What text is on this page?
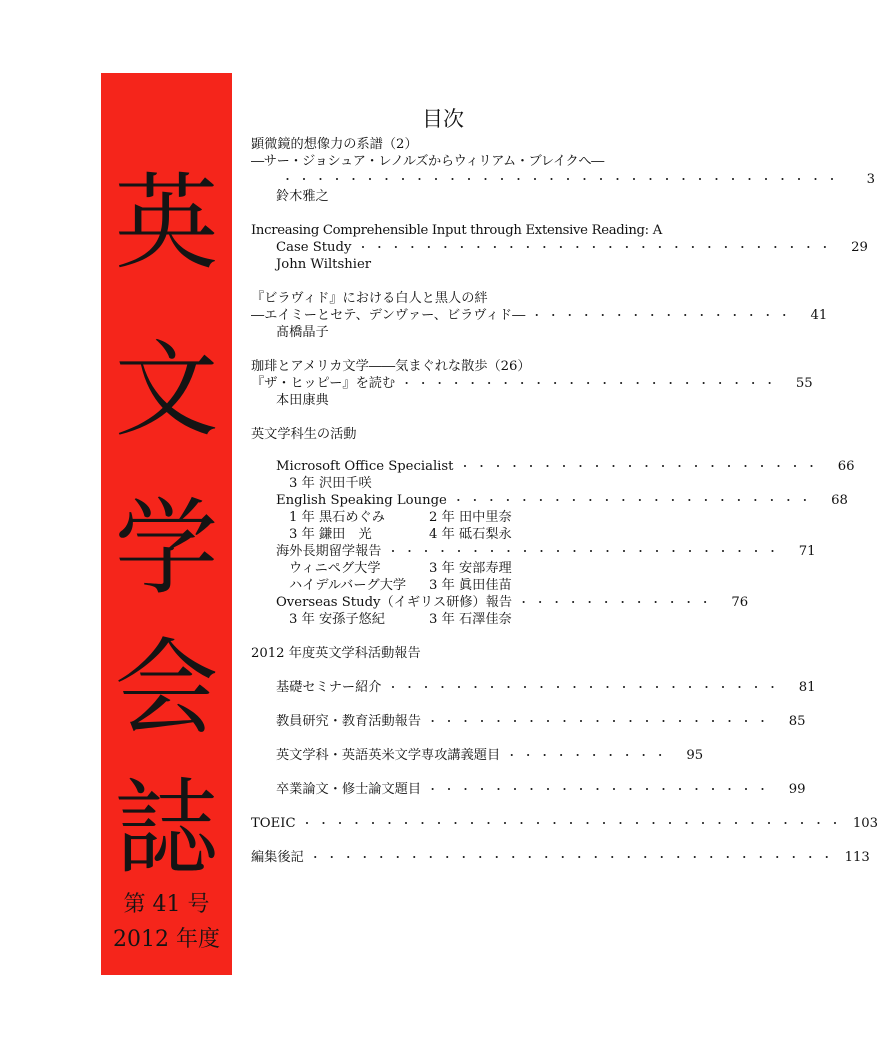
英
文
学
会
誌
第 41 号
2012 年度
目次
顕微鏡的想像力の系譜（2）
―サー・ジョシュア・レノルズからウィリアム・ブレイクへ―
・・・・・・・・・・・・・・・・・・・・・・・・・・・・・・・・・・	3
鈴木雅之
Increasing Comprehensible Input through Extensive Reading: A
Case Study ・・・・・・・・・・・・・・・・・・・・・・・・・・・・・	29
John Wiltshier
『ビラヴィド』における白人と黒人の絆
―エイミーとセテ、デンヴァー、ビラヴィド― ・・・・・・・・・・・・・・・・	41
髙橋晶子
珈琲とアメリカ文学――気まぐれな散歩（26）
『ザ・ヒッピー』を読む ・・・・・・・・・・・・・・・・・・・・・・・	55
本田康典
英文学科生の活動
Microsoft Office Specialist ・・・・・・・・・・・・・・・・・・・・・・	66
3 年 沢田千咲
English Speaking Lounge ・・・・・・・・・・・・・・・・・・・・・・	68
1 年 黒石めぐみ	2 年 田中里奈
3 年 鎌田　光	4 年 砥石梨永
海外長期留学報告 ・・・・・・・・・・・・・・・・・・・・・・・・	71
ウィニペグ大学	3 年 安部寿理
ハイデルバーグ大学 3 年 眞田佳苗
Overseas Study（イギリス研修）報告 ・・・・・・・・・・・・	76
3 年 安孫子悠紀	3 年 石澤佳奈
2012 年度英文学科活動報告
基礎セミナー紹介 ・・・・・・・・・・・・・・・・・・・・・・・・	81
教員研究・教育活動報告 ・・・・・・・・・・・・・・・・・・・・・	85
英文学科・英語英米文学専攻講義題目 ・・・・・・・・・・	95
卒業論文・修士論文題目 ・・・・・・・・・・・・・・・・・・・・・	99
TOEIC ・・・・・・・・・・・・・・・・・・・・・・・・・・・・・・・・・ 103
編集後記 ・・・・・・・・・・・・・・・・・・・・・・・・・・・・・・・・ 113
